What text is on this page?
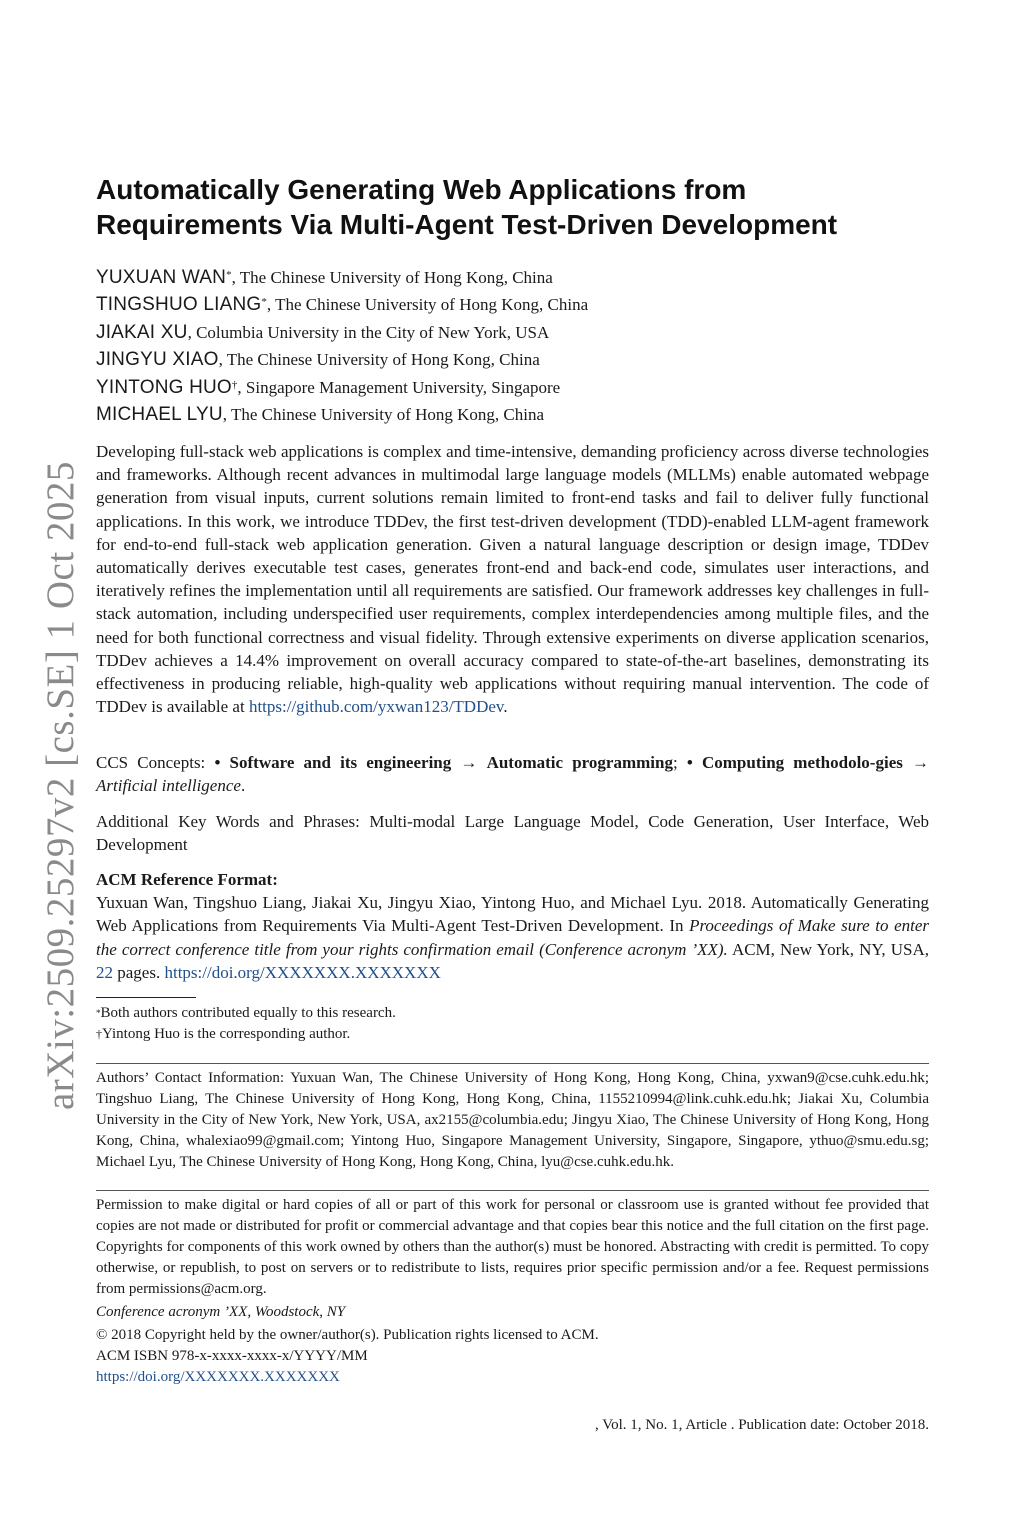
arXiv:2509.25297v2 [cs.SE] 1 Oct 2025
Automatically Generating Web Applications from Requirements Via Multi-Agent Test-Driven Development
YUXUAN WAN*, The Chinese University of Hong Kong, China
TINGSHUO LIANG*, The Chinese University of Hong Kong, China
JIAKAI XU, Columbia University in the City of New York, USA
JINGYU XIAO, The Chinese University of Hong Kong, China
YINTONG HUO†, Singapore Management University, Singapore
MICHAEL LYU, The Chinese University of Hong Kong, China
Developing full-stack web applications is complex and time-intensive, demanding proficiency across diverse technologies and frameworks. Although recent advances in multimodal large language models (MLLMs) enable automated webpage generation from visual inputs, current solutions remain limited to front-end tasks and fail to deliver fully functional applications. In this work, we introduce TDDev, the first test-driven development (TDD)-enabled LLM-agent framework for end-to-end full-stack web application generation. Given a natural language description or design image, TDDev automatically derives executable test cases, generates front-end and back-end code, simulates user interactions, and iteratively refines the implementation until all requirements are satisfied. Our framework addresses key challenges in full-stack automation, including underspecified user requirements, complex interdependencies among multiple files, and the need for both functional correctness and visual fidelity. Through extensive experiments on diverse application scenarios, TDDev achieves a 14.4% improvement on overall accuracy compared to state-of-the-art baselines, demonstrating its effectiveness in producing reliable, high-quality web applications without requiring manual intervention. The code of TDDev is available at https://github.com/yxwan123/TDDev.
CCS Concepts: • Software and its engineering → Automatic programming; • Computing methodolo-gies → Artificial intelligence.
Additional Key Words and Phrases: Multi-modal Large Language Model, Code Generation, User Interface, Web Development
ACM Reference Format:
Yuxuan Wan, Tingshuo Liang, Jiakai Xu, Jingyu Xiao, Yintong Huo, and Michael Lyu. 2018. Automatically Generating Web Applications from Requirements Via Multi-Agent Test-Driven Development. In Proceedings of Make sure to enter the correct conference title from your rights confirmation email (Conference acronym ’XX). ACM, New York, NY, USA, 22 pages. https://doi.org/XXXXXXX.XXXXXXX
*Both authors contributed equally to this research.
†Yintong Huo is the corresponding author.
Authors’ Contact Information: Yuxuan Wan, The Chinese University of Hong Kong, Hong Kong, China, yxwan9@cse.cuhk.edu.hk; Tingshuo Liang, The Chinese University of Hong Kong, Hong Kong, China, 1155210994@link.cuhk.edu.hk; Jiakai Xu, Columbia University in the City of New York, New York, USA, ax2155@columbia.edu; Jingyu Xiao, The Chinese University of Hong Kong, Hong Kong, China, whalexiao99@gmail.com; Yintong Huo, Singapore Management University, Singapore, Singapore, ythuo@smu.edu.sg; Michael Lyu, The Chinese University of Hong Kong, Hong Kong, China, lyu@cse.cuhk.edu.hk.
Permission to make digital or hard copies of all or part of this work for personal or classroom use is granted without fee provided that copies are not made or distributed for profit or commercial advantage and that copies bear this notice and the full citation on the first page. Copyrights for components of this work owned by others than the author(s) must be honored. Abstracting with credit is permitted. To copy otherwise, or republish, to post on servers or to redistribute to lists, requires prior specific permission and/or a fee. Request permissions from permissions@acm.org.
Conference acronym ’XX, Woodstock, NY
© 2018 Copyright held by the owner/author(s). Publication rights licensed to ACM.
ACM ISBN 978-x-xxxx-xxxx-x/YYYY/MM
https://doi.org/XXXXXXX.XXXXXXX
, Vol. 1, No. 1, Article . Publication date: October 2018.
